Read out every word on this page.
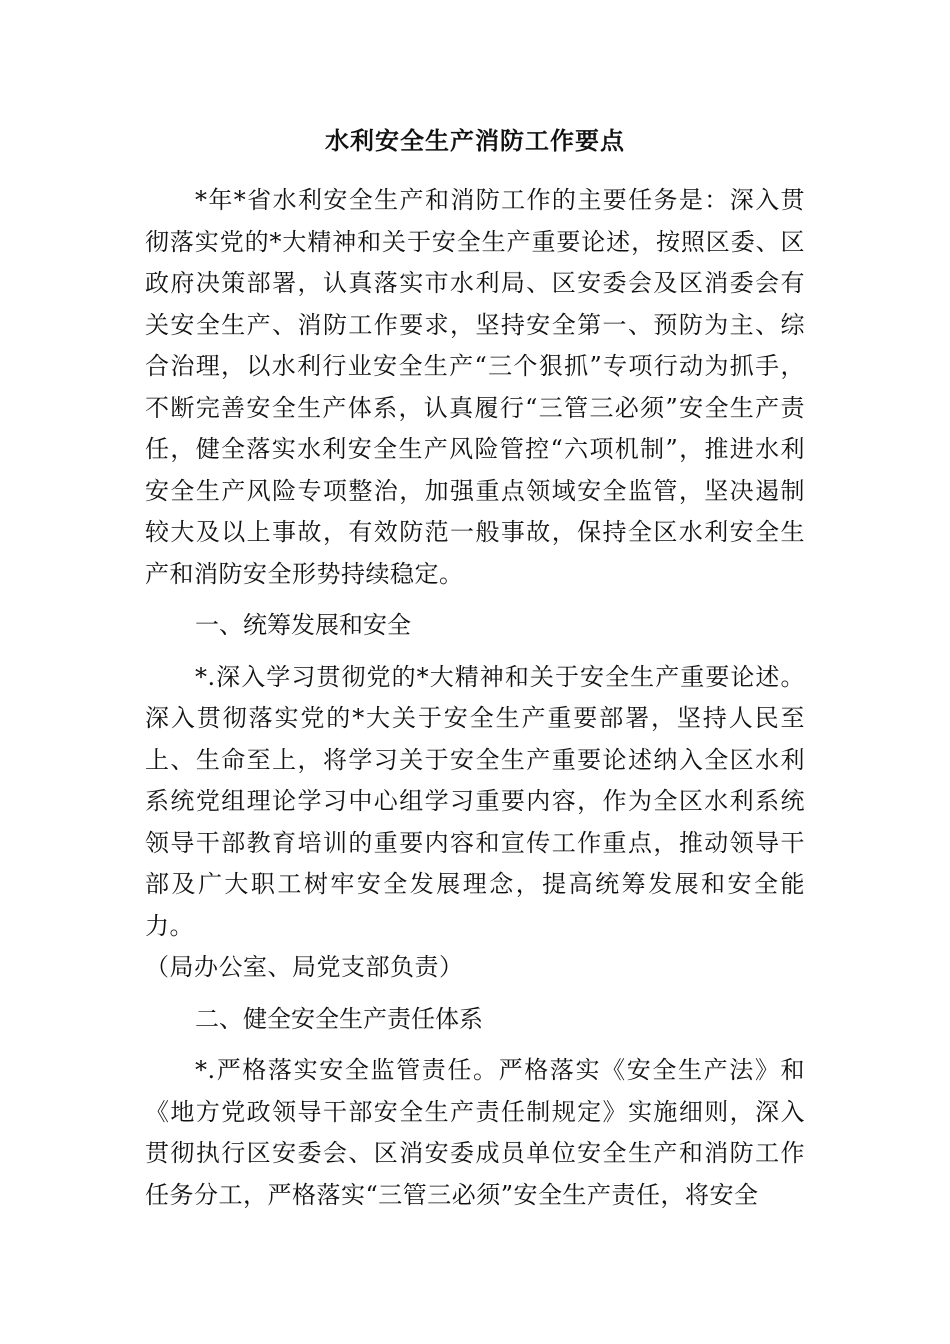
水利安全生产消防工作要点

*年*省水利安全生产和消防工作的主要任务是：深入贯彻落实党的*大精神和关于安全生产重要论述，按照区委、区政府决策部署，认真落实市水利局、区安委会及区消委会有关安全生产、消防工作要求，坚持安全第一、预防为主、综合治理，以水利行业安全生产“三个狠抓”专项行动为抓手，不断完善安全生产体系，认真履行“三管三必须”安全生产责任，健全落实水利安全生产风险管控“六项机制”，推进水利安全生产风险专项整治，加强重点领域安全监管，坚决遏制较大及以上事故，有效防范一般事故，保持全区水利安全生产和消防安全形势持续稳定。

一、统筹发展和安全

*.深入学习贯彻党的*大精神和关于安全生产重要论述。深入贯彻落实党的*大关于安全生产重要部署，坚持人民至上、生命至上，将学习关于安全生产重要论述纳入全区水利系统党组理论学习中心组学习重要内容，作为全区水利系统领导干部教育培训的重要内容和宣传工作重点，推动领导干部及广大职工树牢安全发展理念，提高统筹发展和安全能力。

（局办公室、局党支部负责）

二、健全安全生产责任体系

*.严格落实安全监管责任。严格落实《安全生产法》和《地方党政领导干部安全生产责任制规定》实施细则，深入贯彻执行区安委会、区消安委成员单位安全生产和消防工作任务分工，严格落实“三管三必须”安全生产责任，将安全
